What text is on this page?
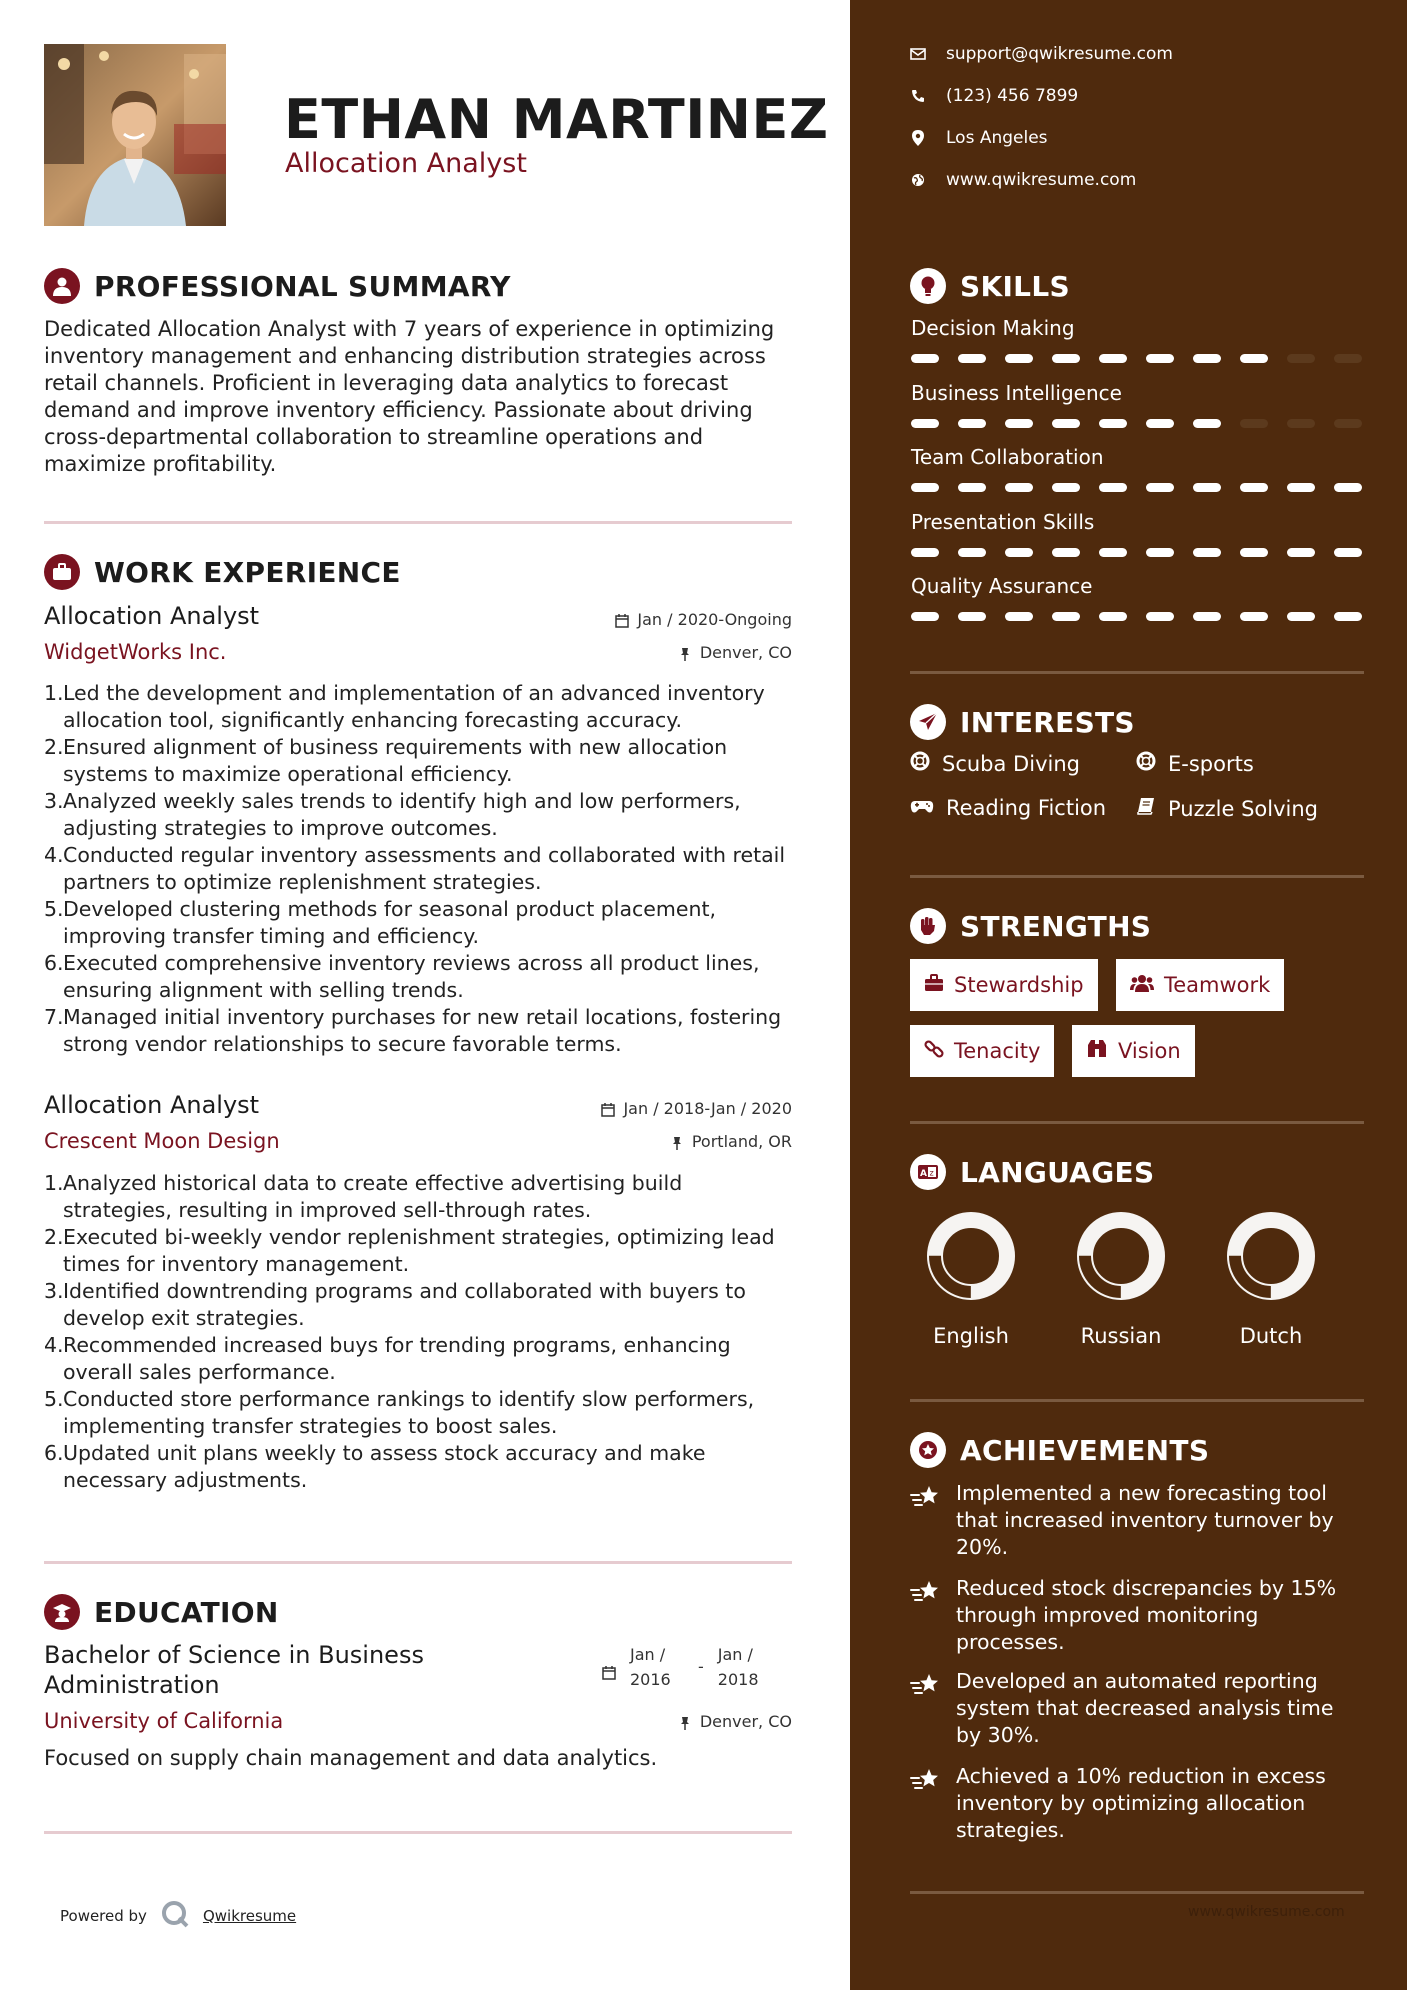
ETHAN MARTINEZ
Allocation Analyst
PROFESSIONAL SUMMARY
Dedicated Allocation Analyst with 7 years of experience in optimizing inventory management and enhancing distribution strategies across retail channels. Proficient in leveraging data analytics to forecast demand and improve inventory efficiency. Passionate about driving cross-departmental collaboration to streamline operations and maximize profitability.
WORK EXPERIENCE
Allocation Analyst	Jan / 2020-Ongoing
WidgetWorks Inc.	Denver, CO
1. Led the development and implementation of an advanced inventory allocation tool, significantly enhancing forecasting accuracy.
2. Ensured alignment of business requirements with new allocation systems to maximize operational efficiency.
3. Analyzed weekly sales trends to identify high and low performers, adjusting strategies to improve outcomes.
4. Conducted regular inventory assessments and collaborated with retail partners to optimize replenishment strategies.
5. Developed clustering methods for seasonal product placement, improving transfer timing and efficiency.
6. Executed comprehensive inventory reviews across all product lines, ensuring alignment with selling trends.
7. Managed initial inventory purchases for new retail locations, fostering strong vendor relationships to secure favorable terms.
Allocation Analyst	Jan / 2018-Jan / 2020
Crescent Moon Design	Portland, OR
1. Analyzed historical data to create effective advertising build strategies, resulting in improved sell-through rates.
2. Executed bi-weekly vendor replenishment strategies, optimizing lead times for inventory management.
3. Identified downtrending programs and collaborated with buyers to develop exit strategies.
4. Recommended increased buys for trending programs, enhancing overall sales performance.
5. Conducted store performance rankings to identify slow performers, implementing transfer strategies to boost sales.
6. Updated unit plans weekly to assess stock accuracy and make necessary adjustments.
EDUCATION
Bachelor of Science in Business Administration
Jan /
2016
-
Jan /
2018
University of California	Denver, CO
Focused on supply chain management and data analytics.
Powered by	Qwikresume
support@qwikresume.com
(123) 456 7899
Los Angeles
www.qwikresume.com
SKILLS
Decision Making
Business Intelligence
Team Collaboration
Presentation Skills
Quality Assurance
INTERESTS
Scuba Diving	E-sports
Reading Fiction	Puzzle Solving
STRENGTHS
Stewardship	Teamwork
Tenacity	Vision
A z LANGUAGES
English	Russian	Dutch
ACHIEVEMENTS
Implemented a new forecasting tool that increased inventory turnover by 20%.
Reduced stock discrepancies by 15% through improved monitoring processes.
Developed an automated reporting system that decreased analysis time by 30%.
Achieved a 10% reduction in excess inventory by optimizing allocation strategies.
www.qwikresume.com
